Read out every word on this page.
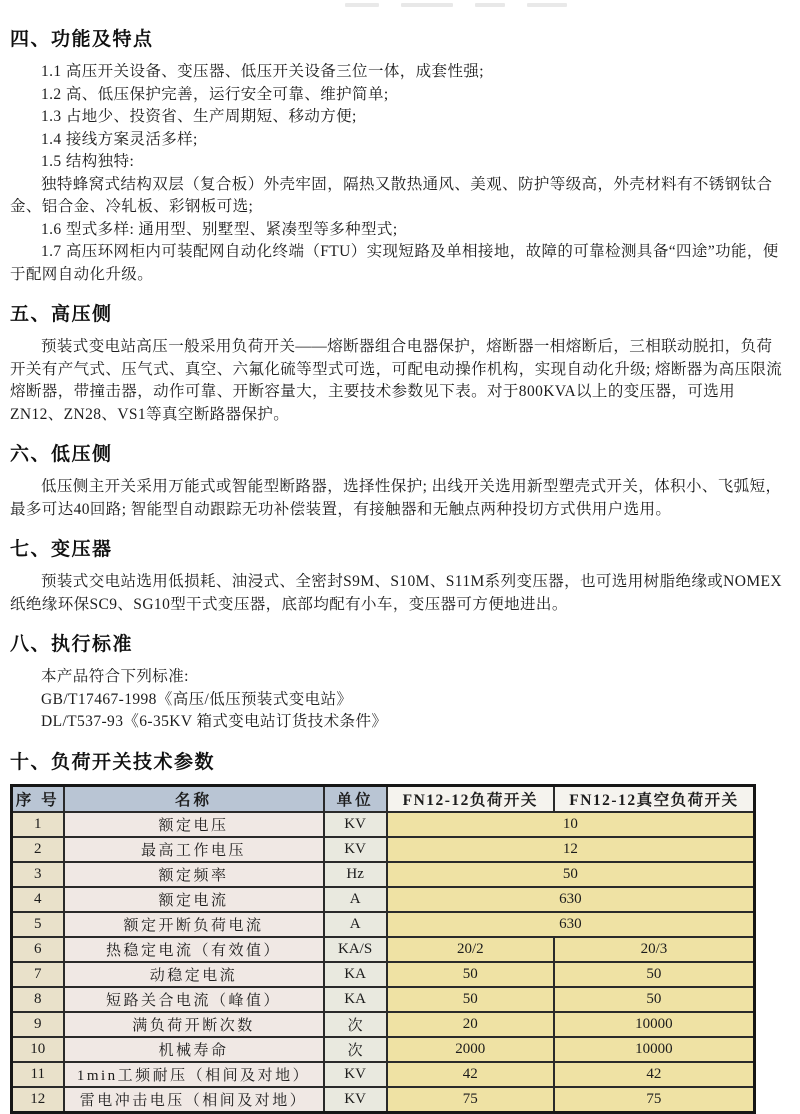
四、功能及特点

1.1 高压开关设备、变压器、低压开关设备三位一体，成套性强;

1.2 高、低压保护完善，运行安全可靠、维护简单;

1.3 占地少、投资省、生产周期短、移动方便;

1.4 接线方案灵活多样;

1.5 结构独特:

独特蜂窝式结构双层（复合板）外壳牢固，隔热又散热通风、美观、防护等级高，外壳材料有不锈钢钛合金、铝合金、冷轧板、彩钢板可选;

1.6 型式多样: 通用型、别墅型、紧凑型等多种型式;

1.7 高压环网柜内可装配网自动化终端（FTU）实现短路及单相接地，故障的可靠检测具备“四途”功能，便于配网自动化升级。

五、高压侧

预装式变电站高压一般采用负荷开关——熔断器组合电器保护，熔断器一相熔断后，三相联动脱扣，负荷开关有产气式、压气式、真空、六氟化硫等型式可选，可配电动操作机构，实现自动化升级; 熔断器为高压限流熔断器，带撞击器，动作可靠、开断容量大，主要技术参数见下表。对于800KVA以上的变压器，可选用ZN12、ZN28、VS1等真空断路器保护。

六、低压侧

低压侧主开关采用万能式或智能型断路器，选择性保护; 出线开关选用新型塑壳式开关，体积小、飞弧短，最多可达40回路; 智能型自动跟踪无功补偿装置，有接触器和无触点两种投切方式供用户选用。

七、变压器

预装式交电站选用低损耗、油浸式、全密封S9M、S10M、S11M系列变压器，也可选用树脂绝缘或NOMEX纸绝缘环保SC9、SG10型干式变压器，底部均配有小车，变压器可方便地进出。

八、执行标准

本产品符合下列标准:

GB/T17467-1998《高压/低压预装式变电站》

DL/T537-93《6-35KV 箱式变电站订货技术条件》

十、负荷开关技术参数
序 号	名称	单位	FN12-12负荷开关	FN12-12真空负荷开关
1	额定电压	KV	10	
2	最高工作电压	KV	12	
3	额定频率	Hz	50	
4	额定电流	A	630	
5	额定开断负荷电流	A	630	
6	热稳定电流（有效值）	KA/S	20/2	20/3
7	动稳定电流	KA	50	50
8	短路关合电流（峰值）	KA	50	50
9	满负荷开断次数	次	20	10000
10	机械寿命	次	2000	10000
11	1min工频耐压（相间及对地）	KV	42	42
12	雷电冲击电压（相间及对地）	KV	75	75
